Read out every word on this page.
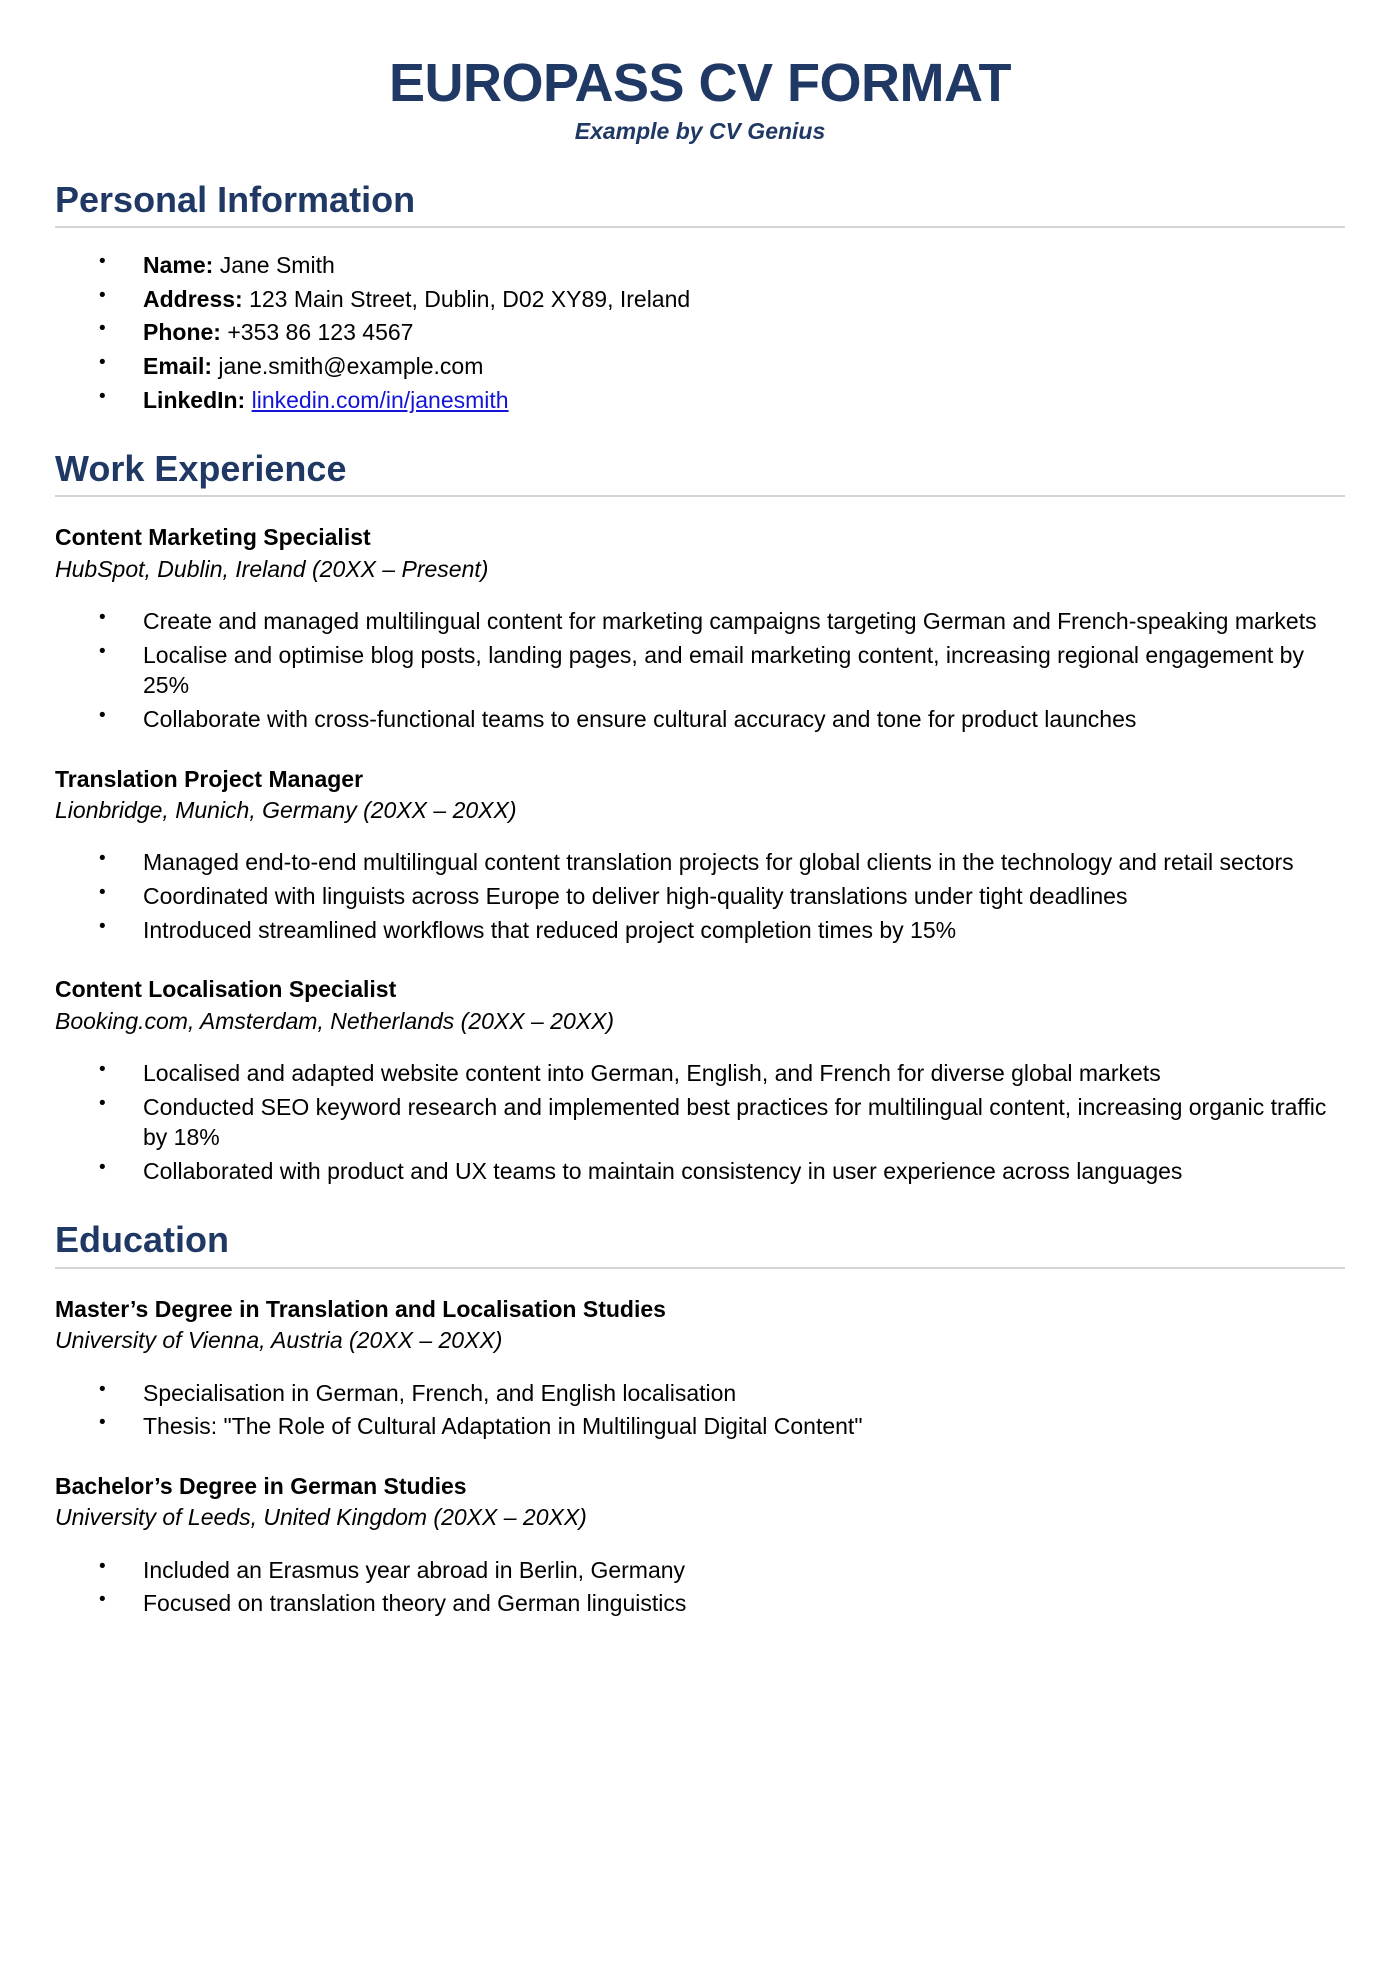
EUROPASS CV FORMAT
Example by CV Genius
Personal Information
• Name: Jane Smith
• Address: 123 Main Street, Dublin, D02 XY89, Ireland
• Phone: +353 86 123 4567
• Email: jane.smith@example.com
• LinkedIn: linkedin.com/in/janesmith
Work Experience
Content Marketing Specialist
HubSpot, Dublin, Ireland (20XX – Present)
• Create and managed multilingual content for marketing campaigns targeting German and French-speaking markets
• Localise and optimise blog posts, landing pages, and email marketing content, increasing regional engagement by 25%
• Collaborate with cross-functional teams to ensure cultural accuracy and tone for product launches
Translation Project Manager
Lionbridge, Munich, Germany (20XX – 20XX)
• Managed end-to-end multilingual content translation projects for global clients in the technology and retail sectors
• Coordinated with linguists across Europe to deliver high-quality translations under tight deadlines
• Introduced streamlined workflows that reduced project completion times by 15%
Content Localisation Specialist
Booking.com, Amsterdam, Netherlands (20XX – 20XX)
• Localised and adapted website content into German, English, and French for diverse global markets
• Conducted SEO keyword research and implemented best practices for multilingual content, increasing organic traffic by 18%
• Collaborated with product and UX teams to maintain consistency in user experience across languages
Education
Master’s Degree in Translation and Localisation Studies
University of Vienna, Austria (20XX – 20XX)
• Specialisation in German, French, and English localisation
• Thesis: "The Role of Cultural Adaptation in Multilingual Digital Content"
Bachelor’s Degree in German Studies
University of Leeds, United Kingdom (20XX – 20XX)
• Included an Erasmus year abroad in Berlin, Germany
• Focused on translation theory and German linguistics
